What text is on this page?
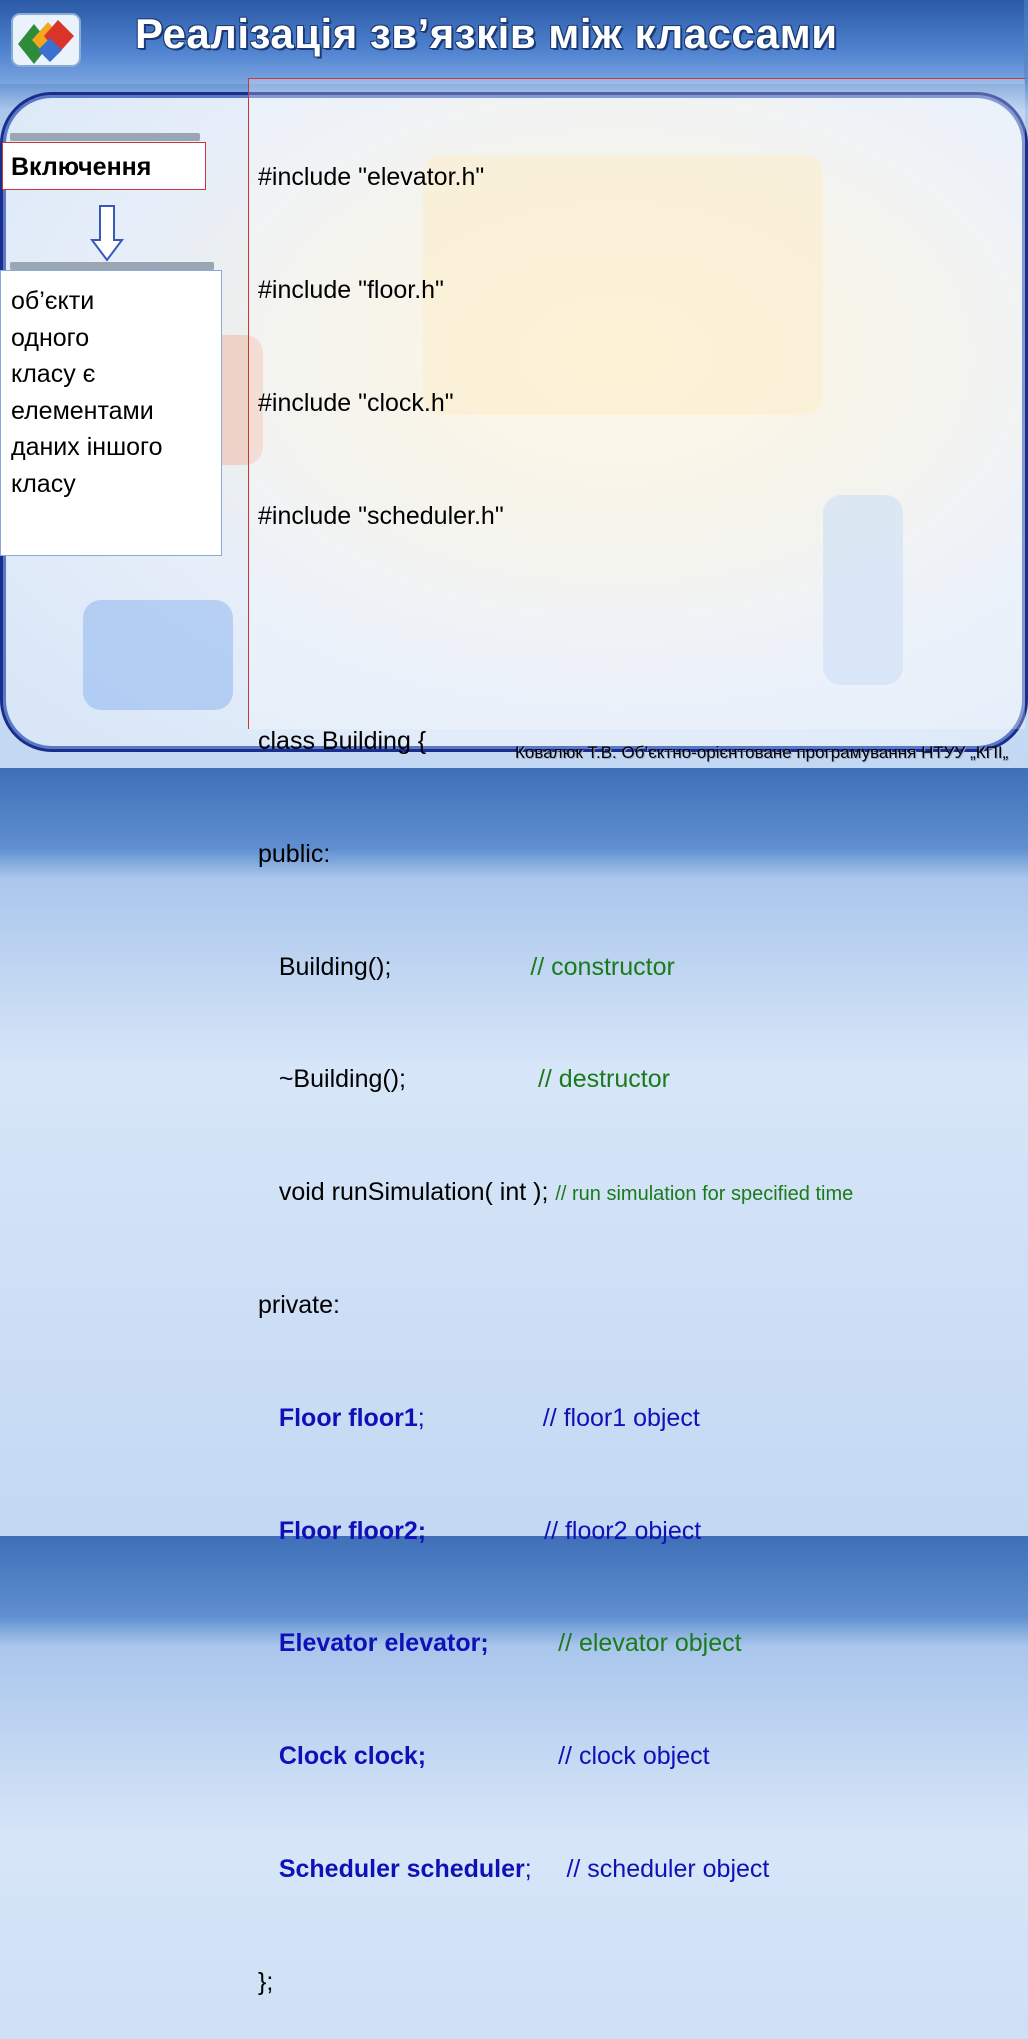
Реалізація зв’язків між классами
Включення
об’єкти
одного
класу є
елементами
даних іншого
класу

#include "elevator.h"

#include "floor.h"

#include "clock.h"

#include "scheduler.h"

class Building {

public:

Building();                    // constructor

~Building();                   // destructor

void runSimulation( int ); // run simulation for specified time

private:

Floor floor1;                 // floor1 object

Floor floor2;	// floor2 object

Elevator elevator;	// elevator object

Clock clock;	// clock object

Scheduler scheduler;     // scheduler object

};

Ковалюк Т.В. Об’єктно-орієнтоване програмування НТУУ „КПІ„
